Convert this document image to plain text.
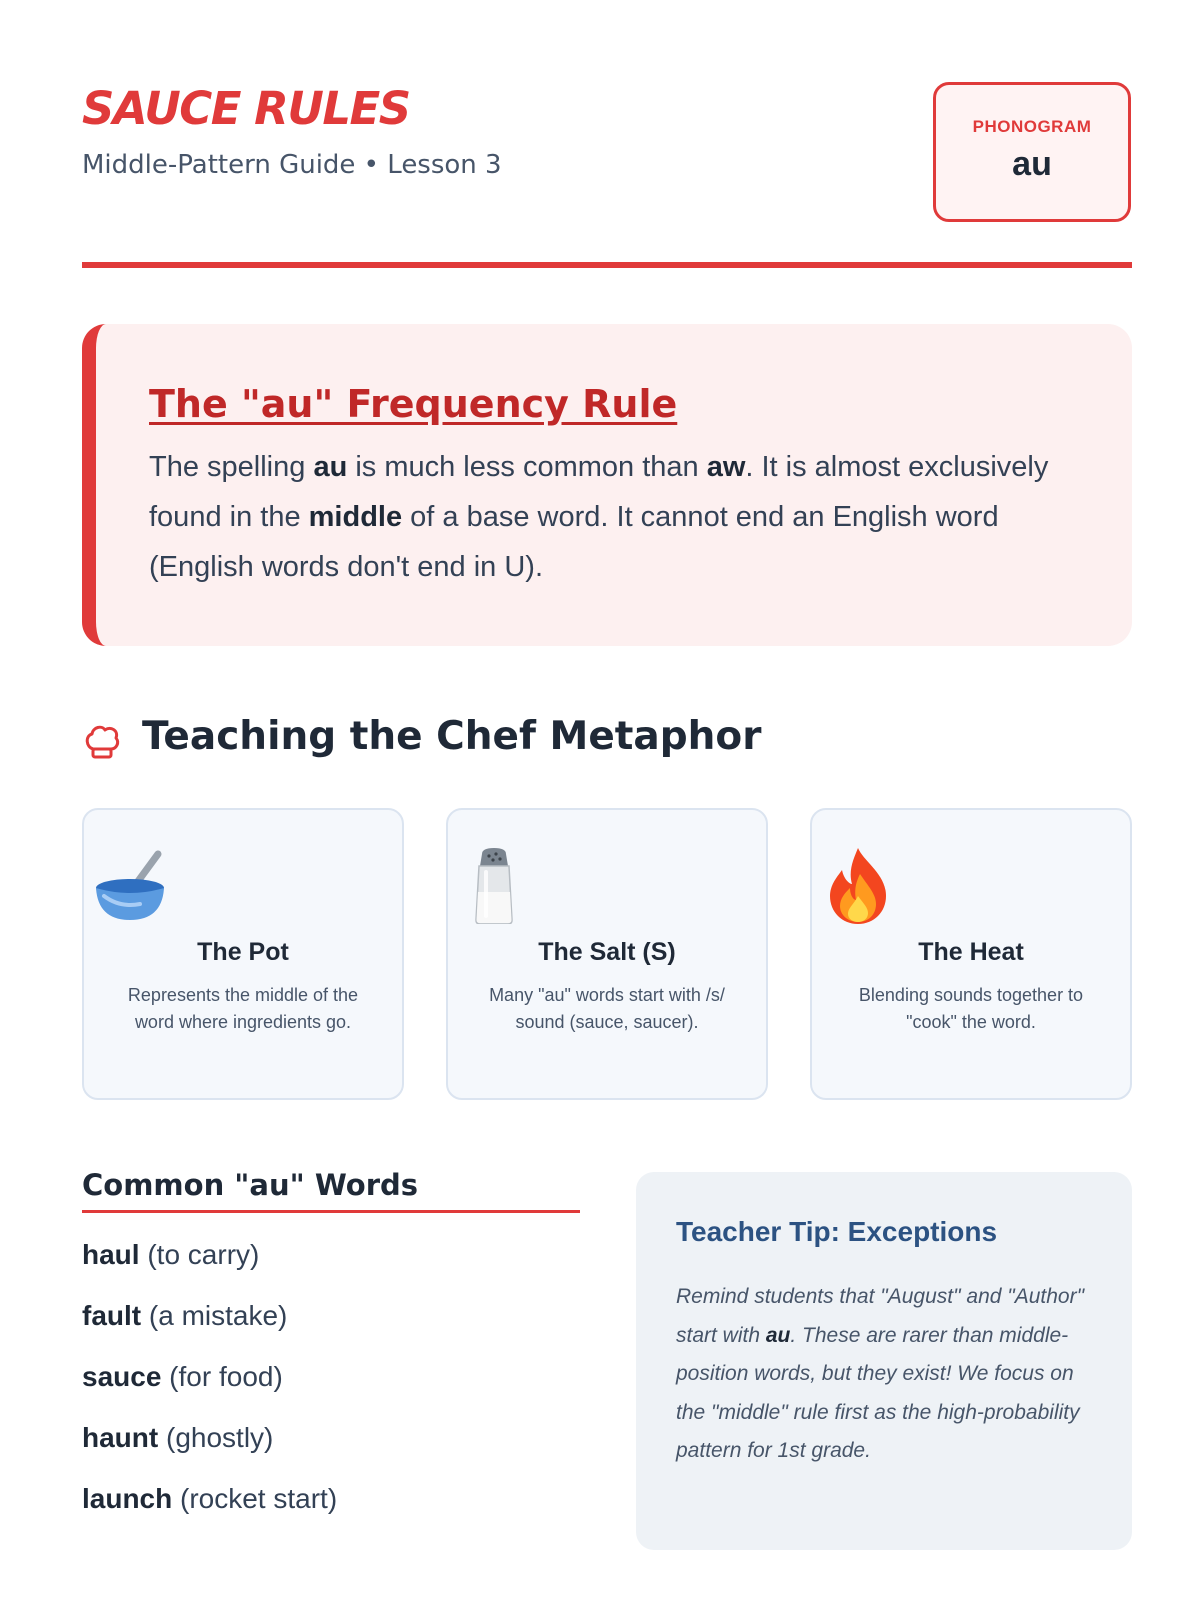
SAUCE RULES
Middle-Pattern Guide • Lesson 3
PHONOGRAM
au
The "au" Frequency Rule
The spelling au is much less common than aw. It is almost exclusively found in the middle of a base word. It cannot end an English word (English words don't end in U).
Teaching the Chef Metaphor
The Pot
Represents the middle of the word where ingredients go.
The Salt (S)
Many "au" words start with /s/ sound (sauce, saucer).
The Heat
Blending sounds together to "cook" the word.
Common "au" Words
haul (to carry)
fault (a mistake)
sauce (for food)
haunt (ghostly)
launch (rocket start)
Teacher Tip: Exceptions
Remind students that "August" and "Author" start with au. These are rarer than middle-position words, but they exist! We focus on the "middle" rule first as the high-probability pattern for 1st grade.
